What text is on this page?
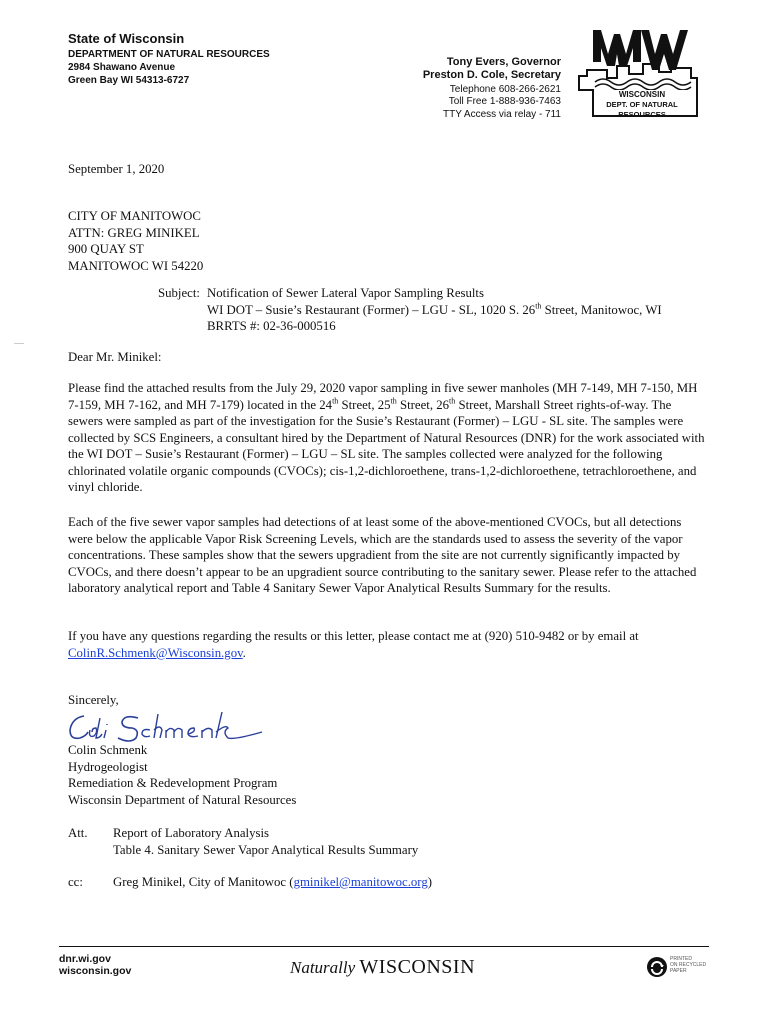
State of Wisconsin
DEPARTMENT OF NATURAL RESOURCES
2984 Shawano Avenue
Green Bay WI 54313-6727
Tony Evers, Governor
Preston D. Cole, Secretary
Telephone 608-266-2621
Toll Free 1-888-936-7463
TTY Access via relay - 711
WISCONSIN
DEPT. OF NATURAL RESOURCES
September 1, 2020
CITY OF MANITOWOC
ATTN: GREG MINIKEL
900 QUAY ST
MANITOWOC WI 54220
Subject: Notification of Sewer Lateral Vapor Sampling Results
WI DOT – Susie’s Restaurant (Former) – LGU - SL, 1020 S. 26th Street, Manitowoc, WI
BRRTS #: 02-36-000516
Dear Mr. Minikel:

Please find the attached results from the July 29, 2020 vapor sampling in five sewer manholes (MH 7-149, MH 7-150, MH 7-159, MH 7-162, and MH 7-179) located in the 24th Street, 25th Street, 26th Street, Marshall Street rights-of-way. The sewers were sampled as part of the investigation for the Susie’s Restaurant (Former) – LGU - SL site. The samples were collected by SCS Engineers, a consultant hired by the Department of Natural Resources (DNR) for the work associated with the WI DOT – Susie’s Restaurant (Former) – LGU – SL site. The samples collected were analyzed for the following chlorinated volatile organic compounds (CVOCs); cis-1,2-dichloroethene, trans-1,2-dichloroethene, tetrachloroethene, and vinyl chloride.

Each of the five sewer vapor samples had detections of at least some of the above-mentioned CVOCs, but all detections were below the applicable Vapor Risk Screening Levels, which are the standards used to assess the severity of the vapor concentrations. These samples show that the sewers upgradient from the site are not currently significantly impacted by CVOCs, and there doesn’t appear to be an upgradient source contributing to the sanitary sewer. Please refer to the attached laboratory analytical report and Table 4 Sanitary Sewer Vapor Analytical Results Summary for the results.

If you have any questions regarding the results or this letter, please contact me at (920) 510-9482 or by email at ColinR.Schmenk@Wisconsin.gov.

Sincerely,
Colin Schmenk
Hydrogeologist
Remediation & Redevelopment Program
Wisconsin Department of Natural Resources
Att. Report of Laboratory Analysis
Table 4. Sanitary Sewer Vapor Analytical Results Summary
cc: Greg Minikel, City of Manitowoc (gminikel@manitowoc.org)
dnr.wi.gov
wisconsin.gov	Naturally WISCONSIN	PRINTED
ON RECYCLED
PAPER
